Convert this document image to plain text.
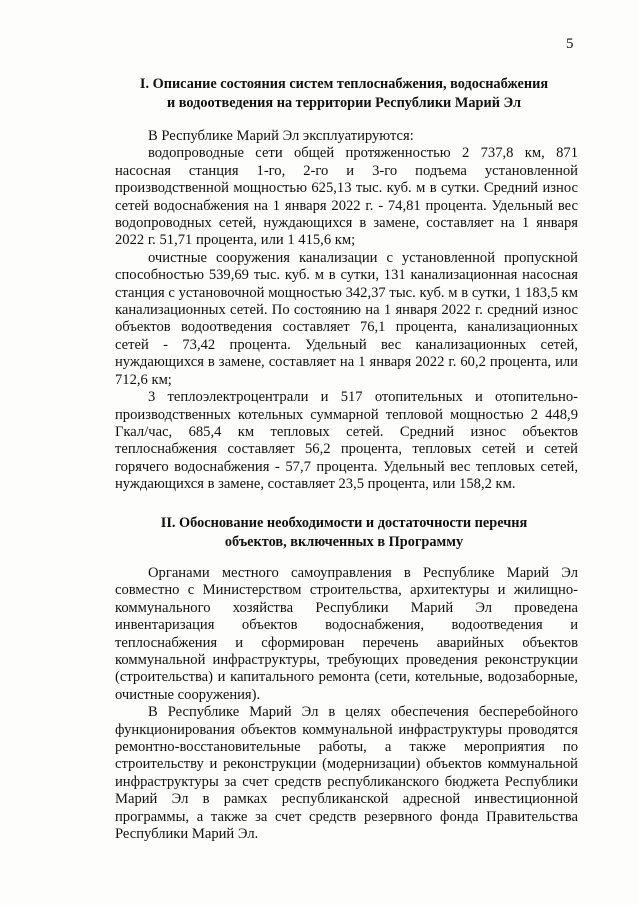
5
I. Описание состояния систем теплоснабжения, водоснабжения
и водоотведения на территории Республики Марий Эл

В Республике Марий Эл эксплуатируются:

водопроводные сети общей протяженностью 2 737,8 км, 871 насосная станция 1-го, 2-го и 3-го подъема установленной производственной мощностью 625,13 тыс. куб. м в сутки. Средний износ сетей водоснабжения на 1 января 2022 г. - 74,81 процента. Удельный вес водопроводных сетей, нуждающихся в замене, составляет на 1 января 2022 г. 51,71 процента, или 1 415,6 км;

очистные сооружения канализации с установленной пропускной способностью 539,69 тыс. куб. м в сутки, 131 канализационная насосная станция с установочной мощностью 342,37 тыс. куб. м в сутки, 1 183,5 км канализационных сетей. По состоянию на 1 января 2022 г. средний износ объектов водоотведения составляет 76,1 процента, канализационных сетей - 73,42 процента. Удельный вес канализационных сетей, нуждающихся в замене, составляет на 1 января 2022 г. 60,2 процента, или 712,6 км;

3 теплоэлектроцентрали и 517 отопительных и отопительно-производственных котельных суммарной тепловой мощностью 2 448,9 Гкал/час, 685,4 км тепловых сетей. Средний износ объектов теплоснабжения составляет 56,2 процента, тепловых сетей и сетей горячего водоснабжения - 57,7 процента. Удельный вес тепловых сетей, нуждающихся в замене, составляет 23,5 процента, или 158,2 км.

II. Обоснование необходимости и достаточности перечня
объектов, включенных в Программу

Органами местного самоуправления в Республике Марий Эл совместно с Министерством строительства, архитектуры и жилищно-коммунального хозяйства Республики Марий Эл проведена инвентаризация объектов водоснабжения, водоотведения и теплоснабжения и сформирован перечень аварийных объектов коммунальной инфраструктуры, требующих проведения реконструкции (строительства) и капитального ремонта (сети, котельные, водозаборные, очистные сооружения).

В Республике Марий Эл в целях обеспечения бесперебойного функционирования объектов коммунальной инфраструктуры проводятся ремонтно-восстановительные работы, а также мероприятия по строительству и реконструкции (модернизации) объектов коммунальной инфраструктуры за счет средств республиканского бюджета Республики Марий Эл в рамках республиканской адресной инвестиционной программы, а также за счет средств резервного фонда Правительства Республики Марий Эл.
